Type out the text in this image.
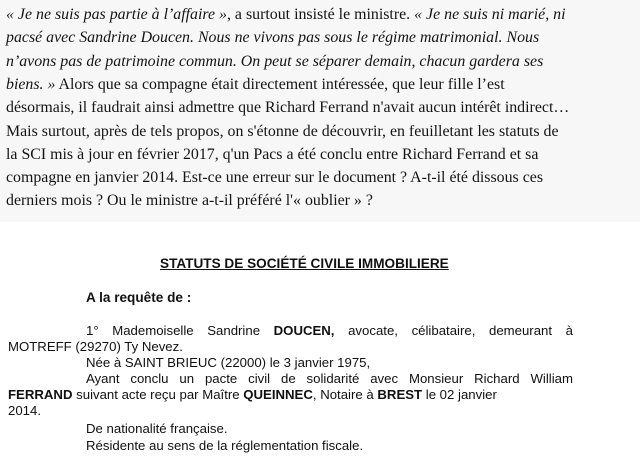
« Je ne suis pas partie à l’affaire », a surtout insisté le ministre. « Je ne suis ni marié, ni
pacsé avec Sandrine Doucen. Nous ne vivons pas sous le régime matrimonial. Nous
n’avons pas de patrimoine commun. On peut se séparer demain, chacun gardera ses
biens. » Alors que sa compagne était directement intéressée, que leur fille l’est
désormais, il faudrait ainsi admettre que Richard Ferrand n'avait aucun intérêt indirect…
Mais surtout, après de tels propos, on s'étonne de découvrir, en feuilletant les statuts de
la SCI mis à jour en février 2017, q'un Pacs a été conclu entre Richard Ferrand et sa
compagne en janvier 2014. Est-ce une erreur sur le document ? A-t-il été dissous ces
derniers mois ? Ou le ministre a-t-il préféré l'« oublier » ?
STATUTS DE SOCIÉTÉ CIVILE IMMOBILIERE
A la requête de :
1° Mademoiselle Sandrine DOUCEN, avocate, célibataire, demeurant à
MOTREFF (29270) Ty Nevez.
Née à SAINT BRIEUC (22000) le 3 janvier 1975,
Ayant conclu un pacte civil de solidarité avec Monsieur Richard William
FERRAND suivant acte reçu par Maître QUEINNEC, Notaire à BREST le 02 janvier
2014.
De nationalité française.
Résidente au sens de la réglementation fiscale.
